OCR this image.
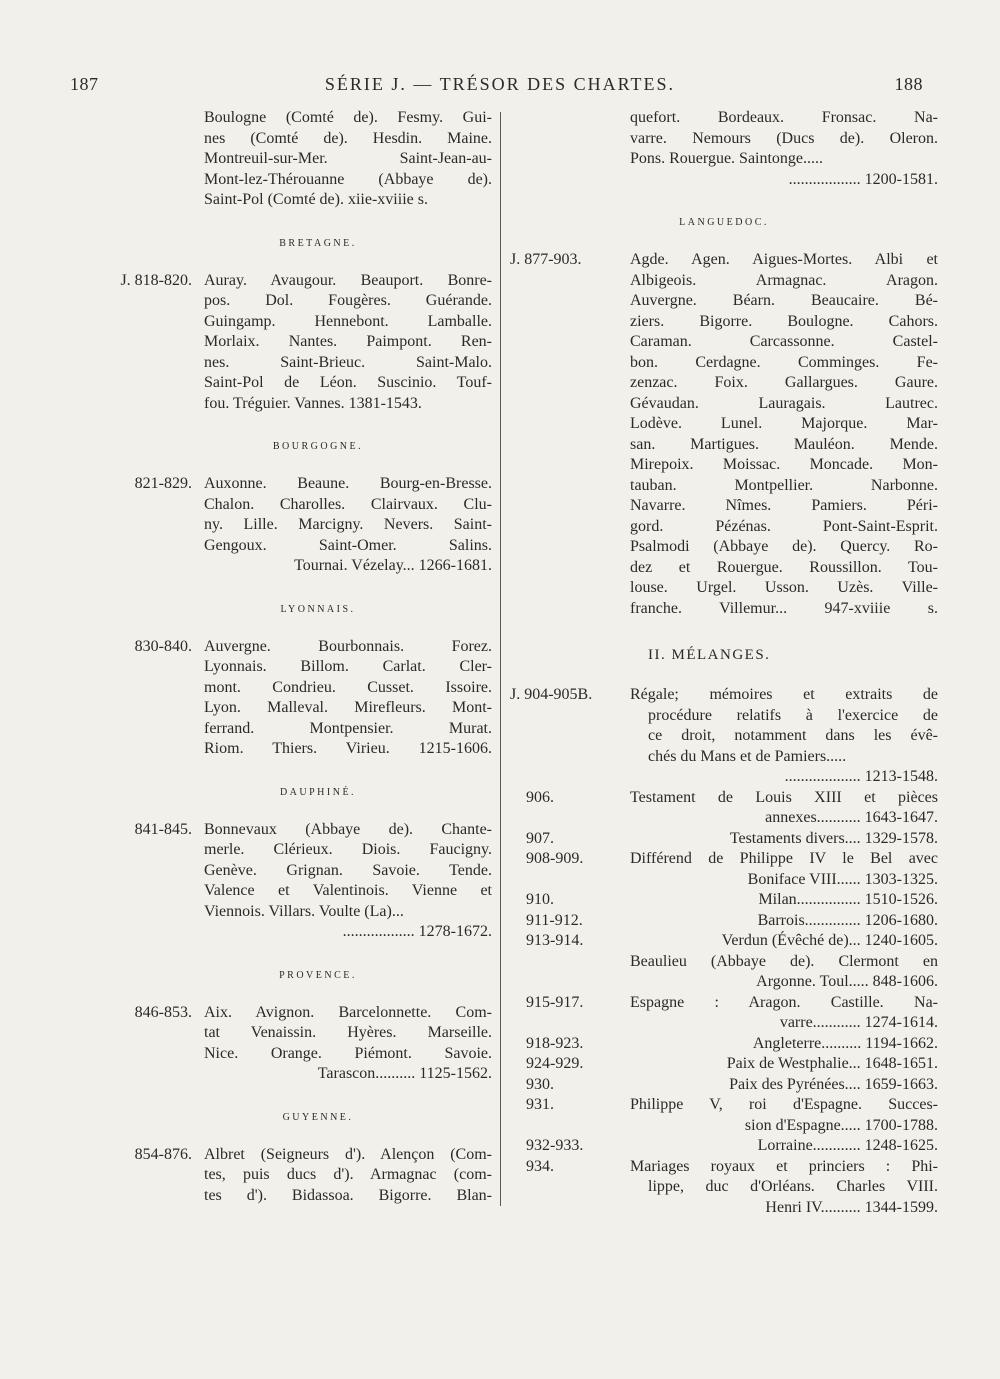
187	SÉRIE J. — TRÉSOR DES CHARTES.	188
Boulogne (Comté de). Fesmy. Gui-
nes (Comté de). Hesdin. Maine.
Montreuil-sur-Mer. Saint-Jean-au-
Mont-lez-Thérouanne (Abbaye de).
Saint-Pol (Comté de). xiie-xviiie s.
BRETAGNE.
J. 818-820. Auray. Avaugour. Beauport. Bonre-
pos. Dol. Fougères. Guérande.
Guingamp. Hennebont. Lamballe.
Morlaix. Nantes. Paimpont. Ren-
nes. Saint-Brieuc. Saint-Malo.
Saint-Pol de Léon. Suscinio. Touf-
fou. Tréguier. Vannes. 1381-1543.
BOURGOGNE.
821-829. Auxonne. Beaune. Bourg-en-Bresse.
Chalon. Charolles. Clairvaux. Clu-
ny. Lille. Marcigny. Nevers. Saint-
Gengoux. Saint-Omer. Salins.
Tournai. Vézelay... 1266-1681.
LYONNAIS.
830-840. Auvergne. Bourbonnais. Forez.
Lyonnais. Billom. Carlat. Cler-
mont. Condrieu. Cusset. Issoire.
Lyon. Malleval. Mirefleurs. Mont-
ferrand. Montpensier. Murat.
Riom. Thiers. Virieu. 1215-1606.
DAUPHINÉ.
841-845. Bonnevaux (Abbaye de). Chante-
merle. Clérieux. Diois. Faucigny.
Genève. Grignan. Savoie. Tende.
Valence et Valentinois. Vienne et
Viennois. Villars. Voulte (La)...
.................. 1278-1672.
PROVENCE.
846-853. Aix. Avignon. Barcelonnette. Com-
tat Venaissin. Hyères. Marseille.
Nice. Orange. Piémont. Savoie.
Tarascon.......... 1125-1562.
GUYENNE.
854-876. Albret (Seigneurs d'). Alençon (Com-
tes, puis ducs d'). Armagnac (com-
tes d'). Bidassoa. Bigorre. Blan-
quefort. Bordeaux. Fronsac. Na-
varre. Nemours (Ducs de). Oleron.
Pons. Rouergue. Saintonge.....
.................. 1200-1581.
LANGUEDOC.
J. 877-903.	Agde. Agen. Aigues-Mortes. Albi et
Albigeois. Armagnac. Aragon.
Auvergne. Béarn. Beaucaire. Bé-
ziers. Bigorre. Boulogne. Cahors.
Caraman. Carcassonne. Castel-
bon. Cerdagne. Comminges. Fe-
zenzac. Foix. Gallargues. Gaure.
Gévaudan. Lauragais. Lautrec.
Lodève. Lunel. Majorque. Mar-
san. Martigues. Mauléon. Mende.
Mirepoix. Moissac. Moncade. Mon-
tauban. Montpellier. Narbonne.
Navarre. Nîmes. Pamiers. Péri-
gord. Pézénas. Pont-Saint-Esprit.
Psalmodi (Abbaye de). Quercy. Ro-
dez et Rouergue. Roussillon. Tou-
louse. Urgel. Usson. Uzès. Ville-
franche. Villemur... 947-xviiie s.
II. MÉLANGES.
J. 904-905B.	Régale; mémoires et extraits de
procédure relatifs à l'exercice de
ce droit, notamment dans les évê-
chés du Mans et de Pamiers.....
................... 1213-1548.
906.	Testament de Louis XIII et pièces
annexes........... 1643-1647.
907.	Testaments divers.... 1329-1578.
908-909.	Différend de Philippe IV le Bel avec
Boniface VIII...... 1303-1325.
910.	Milan................ 1510-1526.
911-912.	Barrois.............. 1206-1680.
913-914.	Verdun (Évêché de)... 1240-1605.
Beaulieu (Abbaye de). Clermont en
Argonne. Toul..... 848-1606.
915-917.	Espagne : Aragon. Castille. Na-
varre............ 1274-1614.
918-923.	Angleterre.......... 1194-1662.
924-929.	Paix de Westphalie... 1648-1651.
930.	Paix des Pyrénées.... 1659-1663.
931.	Philippe V, roi d'Espagne. Succes-
sion d'Espagne..... 1700-1788.
932-933.	Lorraine............ 1248-1625.
934.	Mariages royaux et princiers : Phi-
lippe, duc d'Orléans. Charles VIII.
Henri IV.......... 1344-1599.
